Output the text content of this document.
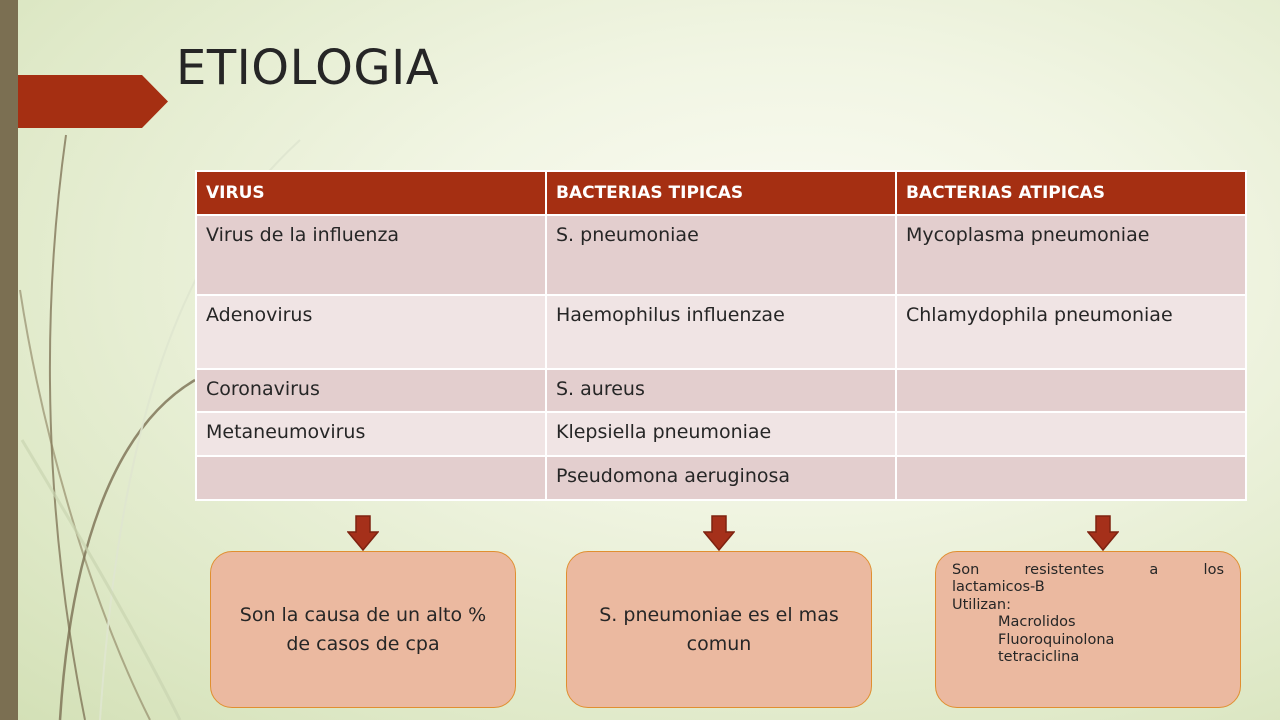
ETIOLOGIA
VIRUS	BACTERIAS TIPICAS	BACTERIAS ATIPICAS
Virus de la influenza	S. pneumoniae	Mycoplasma pneumoniae
Adenovirus	Haemophilus influenzae	Chlamydophila pneumoniae
Coronavirus	S. aureus	
Metaneumovirus	Klepsiella pneumoniae	
	Pseudomona aeruginosa	
Son la causa de un alto % de casos de cpa
S. pneumoniae es el mas comun
Son resistentes a los
lactamicos-B
Utilizan:
Macrolidos
Fluoroquinolona
tetraciclina
